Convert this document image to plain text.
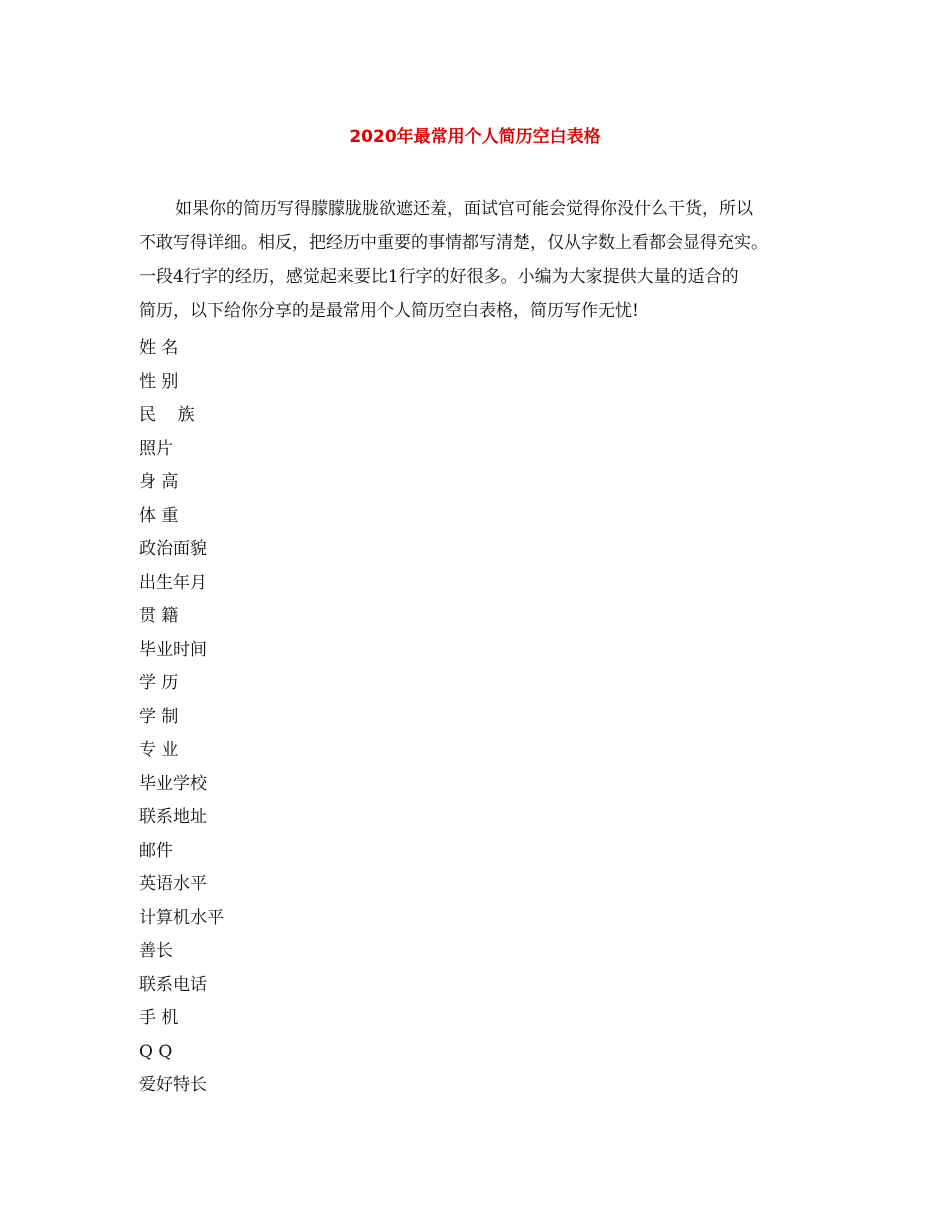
2020年最常用个人简历空白表格
如果你的简历写得朦朦胧胧欲遮还羞，面试官可能会觉得你没什么干货，所以
不敢写得详细。相反，把经历中重要的事情都写清楚，仅从字数上看都会显得充实。
一段4行字的经历，感觉起来要比1行字的好很多。小编为大家提供大量的适合的
简历，以下给你分享的是最常用个人简历空白表格，简历写作无忧!
姓 名
性 别
民    族
照片
身 高
体 重
政治面貌
出生年月
贯 籍
毕业时间
学 历
学 制
专 业
毕业学校
联系地址
邮件
英语水平
计算机水平
善长
联系电话
手 机
Q Q
爱好特长
